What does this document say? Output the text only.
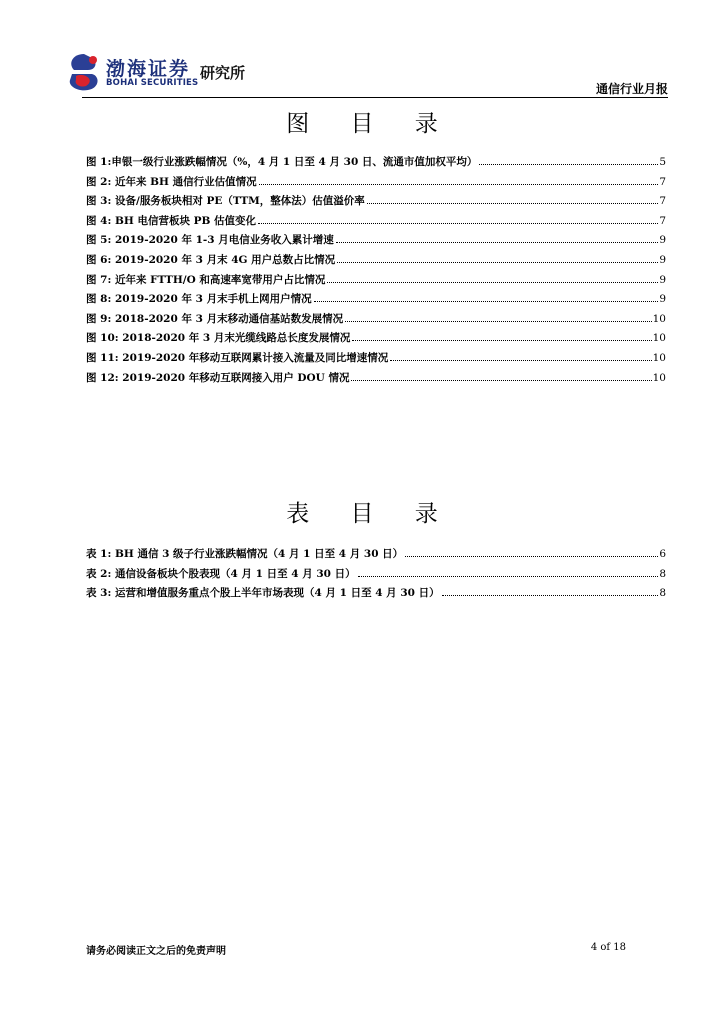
渤海证券
BOHAI SECURITIES
研究所
通信行业月报
图 目 录
图 1:申银一级行业涨跌幅情况（%，4 月 1 日至 4 月 30 日、流通市值加权平均）	5
图 2: 近年来 BH 通信行业估值情况	7
图 3: 设备/服务板块相对 PE（TTM，整体法）估值溢价率	7
图 4: BH 电信营板块 PB 估值变化	7
图 5: 2019-2020 年 1-3 月电信业务收入累计增速	9
图 6: 2019-2020 年 3 月末 4G 用户总数占比情况	9
图 7: 近年来 FTTH/O 和高速率宽带用户占比情况	9
图 8: 2019-2020 年 3 月末手机上网用户情况	9
图 9: 2018-2020 年 3 月末移动通信基站数发展情况	10
图 10: 2018-2020 年 3 月末光缆线路总长度发展情况	10
图 11: 2019-2020 年移动互联网累计接入流量及同比增速情况	10
图 12: 2019-2020 年移动互联网接入用户 DOU 情况	10
表 目 录
表 1: BH 通信 3 级子行业涨跌幅情况（4 月 1 日至 4 月 30 日）	6
表 2: 通信设备板块个股表现（4 月 1 日至 4 月 30 日）	8
表 3: 运营和增值服务重点个股上半年市场表现（4 月 1 日至 4 月 30 日）	8
请务必阅读正文之后的免责声明	4 of 18
